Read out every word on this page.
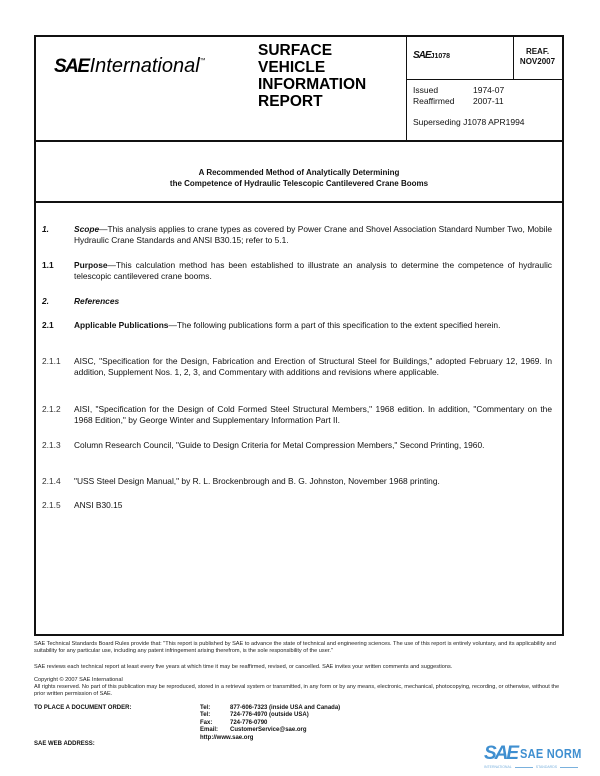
SAEInternational™
SURFACE
VEHICLE
INFORMATION
REPORT
SAEJ1078
REAF.
NOV2007
Issued	1974-07
Reaffirmed 2007-11
Superseding J1078 APR1994
A Recommended Method of Analytically Determining
the Competence of Hydraulic Telescopic Cantilevered Crane Booms
1.	Scope—This analysis applies to crane types as covered by Power Crane and Shovel Association Standard Number Two, Mobile Hydraulic Crane Standards and ANSI B30.15; refer to 5.1.
1.1 Purpose—This calculation method has been established to illustrate an analysis to determine the competence of hydraulic telescopic cantilevered crane booms.
2.	References
2.1 Applicable Publications—The following publications form a part of this specification to the extent specified herein.
2.1.1 AISC, "Specification for the Design, Fabrication and Erection of Structural Steel for Buildings," adopted February 12, 1969. In addition, Supplement Nos. 1, 2, 3, and Commentary with additions and revisions where applicable.
2.1.2 AISI, "Specification for the Design of Cold Formed Steel Structural Members," 1968 edition. In addition, "Commentary on the 1968 Edition," by George Winter and Supplementary Information Part II.
2.1.3 Column Research Council, "Guide to Design Criteria for Metal Compression Members," Second Printing, 1960.
2.1.4 "USS Steel Design Manual," by R. L. Brockenbrough and B. G. Johnston, November 1968 printing.
2.1.5 ANSI B30.15
SAE Technical Standards Board Rules provide that: "This report is published by SAE to advance the state of technical and engineering sciences. The use of this report is entirely voluntary, and its applicability and suitability for any particular use, including any patent infringement arising therefrom, is the sole responsibility of the user."
SAE reviews each technical report at least every five years at which time it may be reaffirmed, revised, or cancelled. SAE invites your written comments and suggestions.
Copyright © 2007 SAE International
All rights reserved. No part of this publication may be reproduced, stored in a retrieval system or transmitted, in any form or by any means, electronic, mechanical, photocopying, recording, or otherwise, without the prior written permission of SAE.
TO PLACE A DOCUMENT ORDER:
SAE WEB ADDRESS:
Tel:	877-606-7323 (inside USA and Canada)
Tel:	724-776-4970 (outside USA)
Fax:	724-776-0790
Email: CustomerService@sae.org
http://www.sae.org
SAE SAE NORM
INTERNATIONAL	STANDARDS
